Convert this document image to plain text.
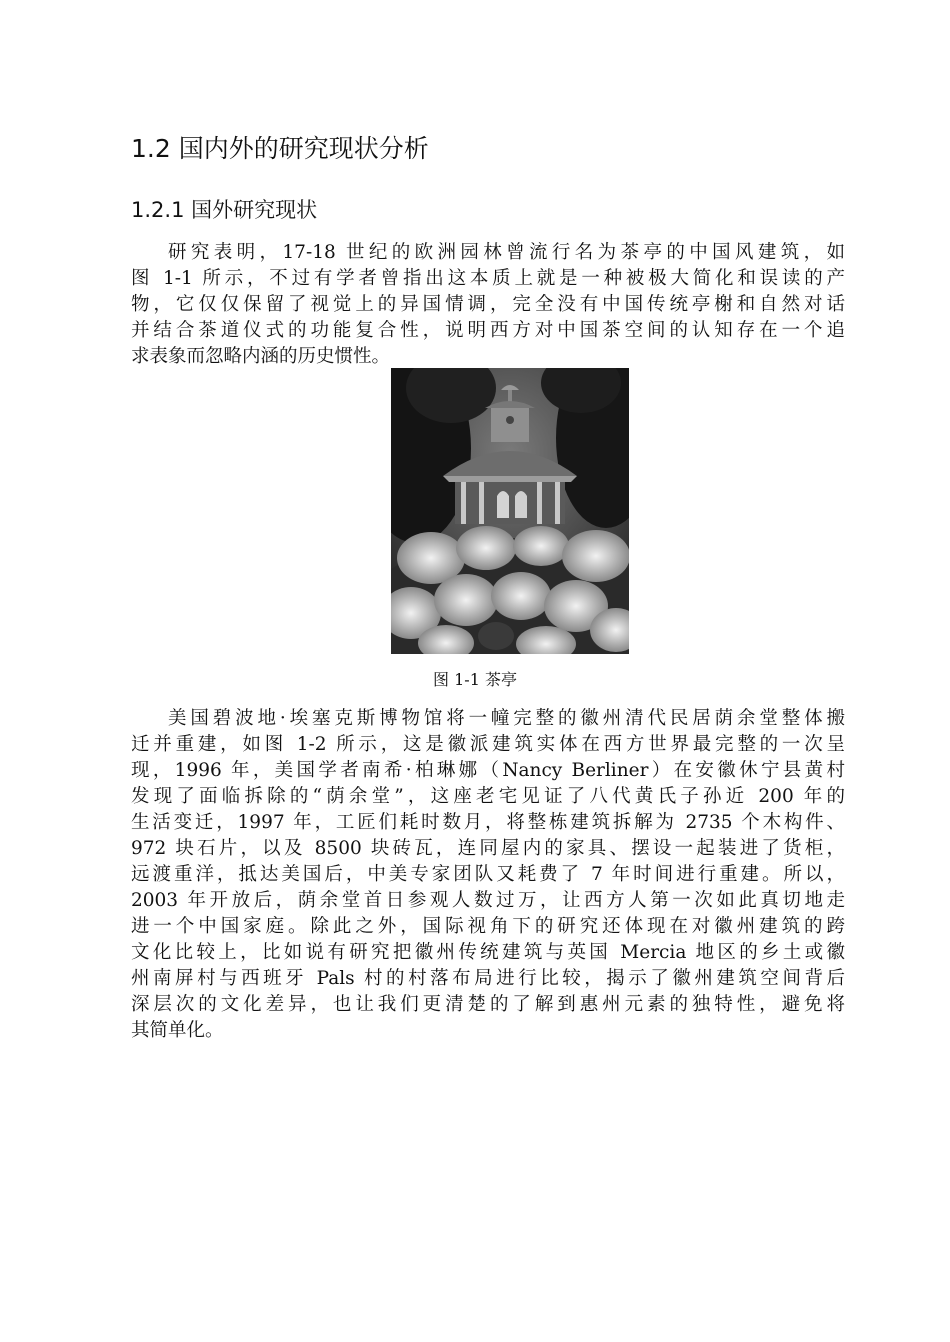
1.2 国内外的研究现状分析
1.2.1 国外研究现状
研究表明，17-18 世纪的欧洲园林曾流行名为茶亭的中国风建筑，如
图 1-1 所示，不过有学者曾指出这本质上就是一种被极大简化和误读的产
物，它仅仅保留了视觉上的异国情调，完全没有中国传统亭榭和自然对话
并结合茶道仪式的功能复合性，说明西方对中国茶空间的认知存在一个追
求表象而忽略内涵的历史惯性。
图 1-1 茶亭
美国碧波地·埃塞克斯博物馆将一幢完整的徽州清代民居荫余堂整体搬
迁并重建，如图 1-2 所示，这是徽派建筑实体在西方世界最完整的一次呈
现，1996 年，美国学者南希·柏琳娜（Nancy Berliner）在安徽休宁县黄村
发现了面临拆除的“荫余堂”，这座老宅见证了八代黄氏子孙近 200 年的
生活变迁，1997 年，工匠们耗时数月，将整栋建筑拆解为 2735 个木构件、
972 块石片，以及 8500 块砖瓦，连同屋内的家具、摆设一起装进了货柜，
远渡重洋，抵达美国后，中美专家团队又耗费了 7 年时间进行重建。所以，
2003 年开放后，荫余堂首日参观人数过万，让西方人第一次如此真切地走
进一个中国家庭。除此之外，国际视角下的研究还体现在对徽州建筑的跨
文化比较上，比如说有研究把徽州传统建筑与英国 Mercia 地区的乡土或徽
州南屏村与西班牙 Pals 村的村落布局进行比较，揭示了徽州建筑空间背后
深层次的文化差异，也让我们更清楚的了解到惠州元素的独特性，避免将
其简单化。
